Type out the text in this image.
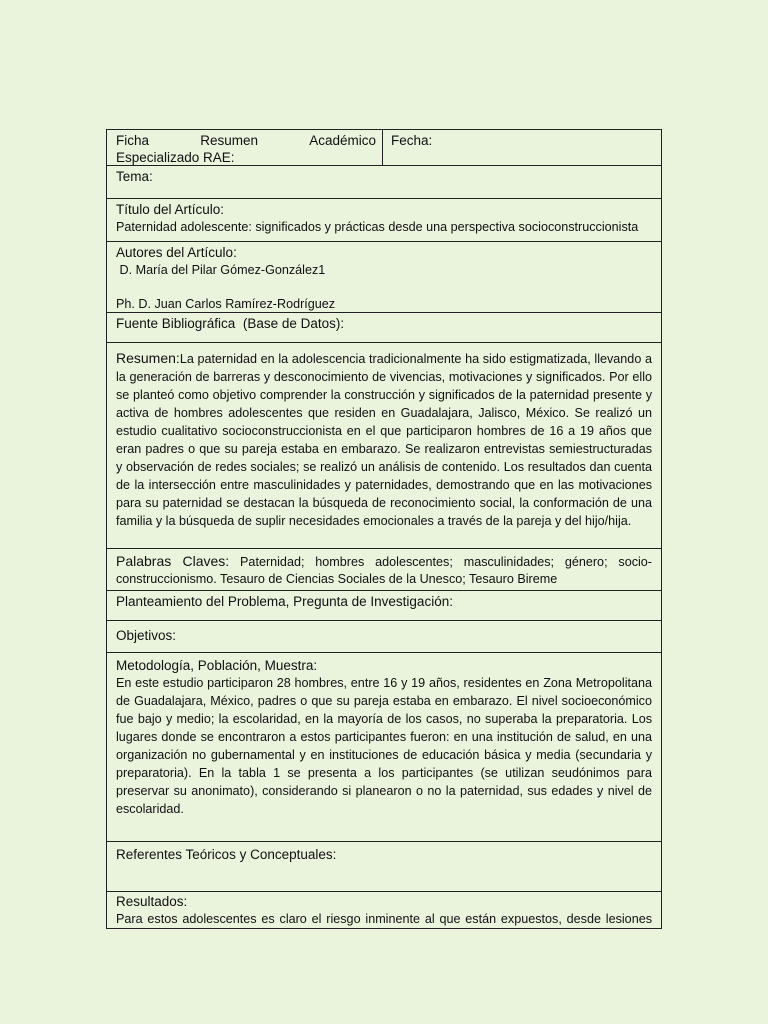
Ficha	Resumen	Académico
Especializado RAE:
Fecha:
Tema:
Título del Artículo:
Paternidad adolescente: significados y prácticas desde una perspectiva socioconstruccionista
Autores del Artículo:
D. María del Pilar Gómez-González1
Ph. D. Juan Carlos Ramírez-Rodríguez
Fuente Bibliográfica  (Base de Datos):
Resumen:La paternidad en la adolescencia tradicionalmente ha sido estigmatizada, llevando a la generación de barreras y desconocimiento de vivencias, motivaciones y significados. Por ello se planteó como objetivo comprender la construcción y significados de la paternidad presente y activa de hombres adolescentes que residen en Guadalajara, Jalisco, México. Se realizó un estudio cualitativo socioconstruccionista en el que participaron hombres de 16 a 19 años que eran padres o que su pareja estaba en embarazo. Se realizaron entrevistas semiestructuradas y observación de redes sociales; se realizó un análisis de contenido. Los resultados dan cuenta de la intersección entre masculinidades y paternidades, demostrando que en las motivaciones para su paternidad se destacan la búsqueda de reconocimiento social, la conformación de una familia y la búsqueda de suplir necesidades emocionales a través de la pareja y del hijo/hija.
Palabras Claves: Paternidad; hombres adolescentes; masculinidades; género; socio-construccionismo. Tesauro de Ciencias Sociales de la Unesco; Tesauro Bireme
Planteamiento del Problema, Pregunta de Investigación:
Objetivos:
Metodología, Población, Muestra:
En este estudio participaron 28 hombres, entre 16 y 19 años, residentes en Zona Metropolitana de Guadalajara, México, padres o que su pareja estaba en embarazo. El nivel socioeconómico fue bajo y medio; la escolaridad, en la mayoría de los casos, no superaba la preparatoria. Los lugares donde se encontraron a estos participantes fueron: en una institución de salud, en una organización no gubernamental y en instituciones de educación básica y media (secundaria y preparatoria). En la tabla 1 se presenta a los participantes (se utilizan seudónimos para preservar su anonimato), considerando si planearon o no la paternidad, sus edades y nivel de escolaridad.
Referentes Teóricos y Conceptuales:
Resultados:
Para estos adolescentes es claro el riesgo inminente al que están expuestos, desde lesiones
